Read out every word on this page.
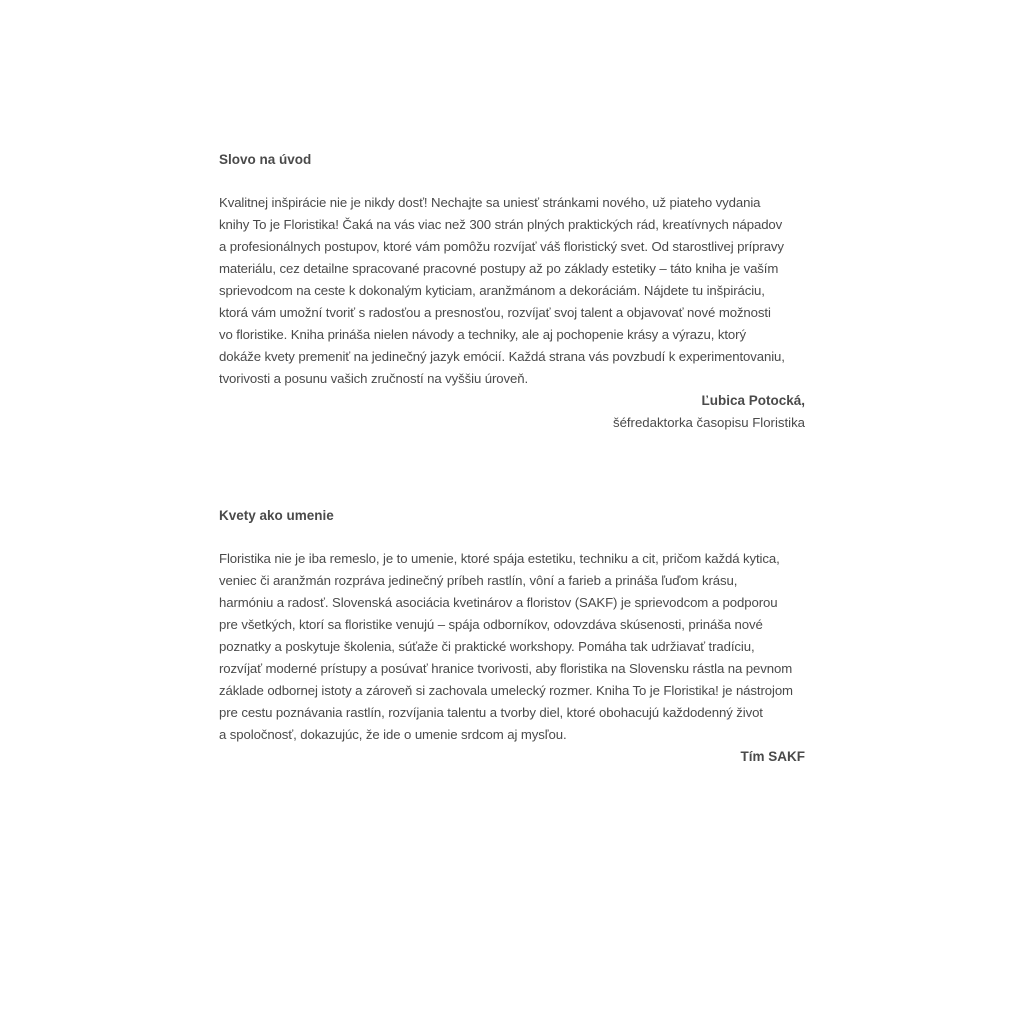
Slovo na úvod
Kvalitnej inšpirácie nie je nikdy dosť! Nechajte sa uniesť stránkami nového, už piateho vydania
knihy To je Floristika! Čaká na vás viac než 300 strán plných praktických rád, kreatívnych nápadov
a profesionálnych postupov, ktoré vám pomôžu rozvíjať váš floristický svet. Od starostlivej prípravy
materiálu, cez detailne spracované pracovné postupy až po základy estetiky – táto kniha je vaším
sprievodcom na ceste k dokonalým kyticiam, aranžmánom a dekoráciám. Nájdete tu inšpiráciu,
ktorá vám umožní tvoriť s radosťou a presnosťou, rozvíjať svoj talent a objavovať nové možnosti
vo floristike. Kniha prináša nielen návody a techniky, ale aj pochopenie krásy a výrazu, ktorý
dokáže kvety premeniť na jedinečný jazyk emócií. Každá strana vás povzbudí k experimentovaniu,
tvorivosti a posunu vašich zručností na vyššiu úroveň.
Ľubica Potocká,
šéfredaktorka časopisu Floristika
Kvety ako umenie
Floristika nie je iba remeslo, je to umenie, ktoré spája estetiku, techniku a cit, pričom každá kytica,
veniec či aranžmán rozpráva jedinečný príbeh rastlín, vôní a farieb a prináša ľuďom krásu,
harmóniu a radosť. Slovenská asociácia kvetinárov a floristov (SAKF) je sprievodcom a podporou
pre všetkých, ktorí sa floristike venujú – spája odborníkov, odovzdáva skúsenosti, prináša nové
poznatky a poskytuje školenia, súťaže či praktické workshopy. Pomáha tak udržiavať tradíciu,
rozvíjať moderné prístupy a posúvať hranice tvorivosti, aby floristika na Slovensku rástla na pevnom
základe odbornej istoty a zároveň si zachovala umelecký rozmer. Kniha To je Floristika! je nástrojom
pre cestu poznávania rastlín, rozvíjania talentu a tvorby diel, ktoré obohacujú každodenný život
a spoločnosť, dokazujúc, že ide o umenie srdcom aj mysľou.
Tím SAKF
